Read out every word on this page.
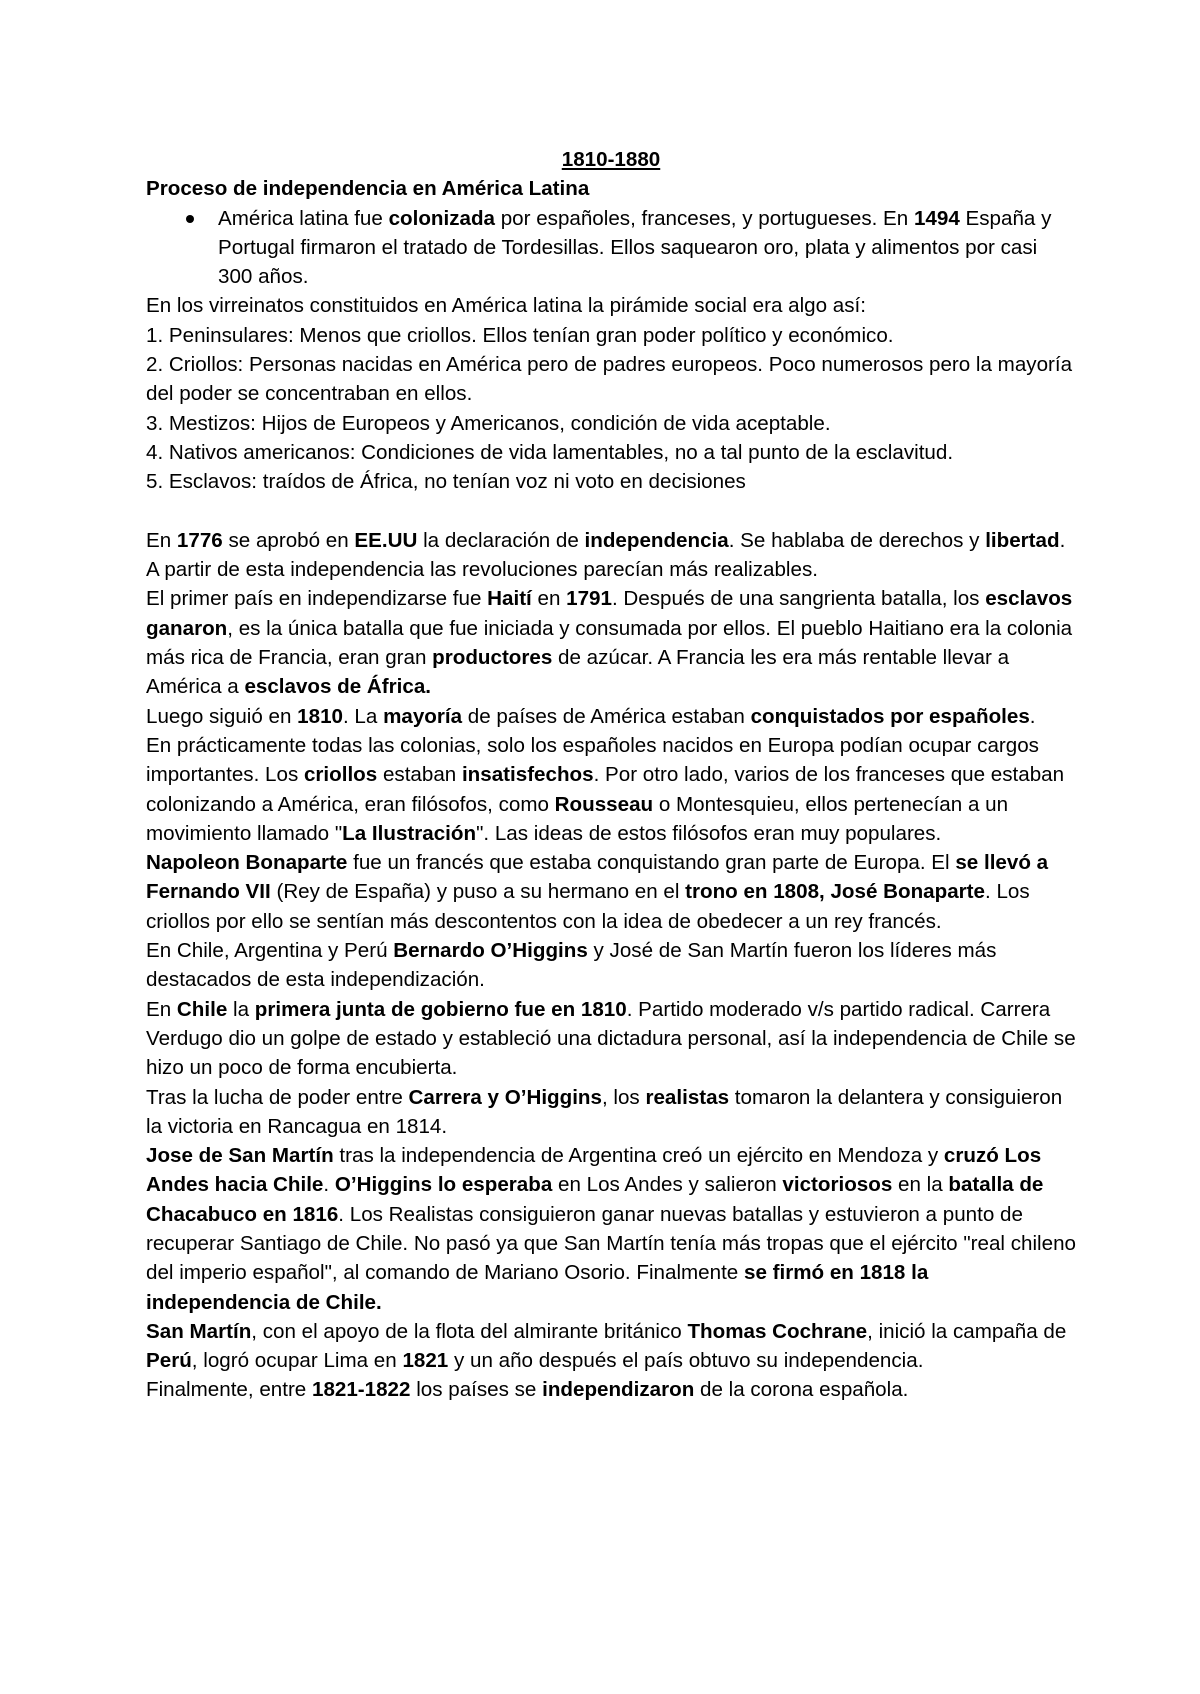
1810-1880

Proceso de independencia en América Latina

América latina fue colonizada por españoles, franceses, y portugueses. En 1494 España y Portugal firmaron el tratado de Tordesillas. Ellos saquearon oro, plata y alimentos por casi 300 años.

En los virreinatos constituidos en América latina la pirámide social era algo así:

1. Peninsulares: Menos que criollos. Ellos tenían gran poder político y económico.

2. Criollos: Personas nacidas en América pero de padres europeos. Poco numerosos pero la mayoría del poder se concentraban en ellos.

3. Mestizos: Hijos de Europeos y Americanos, condición de vida aceptable.

4. Nativos americanos: Condiciones de vida lamentables, no a tal punto de la esclavitud.

5. Esclavos: traídos de África, no tenían voz ni voto en decisiones

En 1776 se aprobó en EE.UU la declaración de independencia. Se hablaba de derechos y libertad. A partir de esta independencia las revoluciones parecían más realizables.

El primer país en independizarse fue Haití en 1791. Después de una sangrienta batalla, los esclavos ganaron, es la única batalla que fue iniciada y consumada por ellos. El pueblo Haitiano era la colonia más rica de Francia, eran gran productores de azúcar. A Francia les era más rentable llevar a América a esclavos de África.

Luego siguió en 1810. La mayoría de países de América estaban conquistados por españoles.

En prácticamente todas las colonias, solo los españoles nacidos en Europa podían ocupar cargos importantes. Los criollos estaban insatisfechos. Por otro lado, varios de los franceses que estaban colonizando a América, eran filósofos, como Rousseau o Montesquieu, ellos pertenecían a un movimiento llamado "La Ilustración". Las ideas de estos filósofos eran muy populares.

Napoleon Bonaparte fue un francés que estaba conquistando gran parte de Europa. El se llevó a Fernando VII (Rey de España) y puso a su hermano en el trono en 1808, José Bonaparte. Los criollos por ello se sentían más descontentos con la idea de obedecer a un rey francés.

En Chile, Argentina y Perú Bernardo O’Higgins y José de San Martín fueron los líderes más destacados de esta independización.

En Chile la primera junta de gobierno fue en 1810. Partido moderado v/s partido radical. Carrera Verdugo dio un golpe de estado y estableció una dictadura personal, así la independencia de Chile se hizo un poco de forma encubierta.

Tras la lucha de poder entre Carrera y O’Higgins, los realistas tomaron la delantera y consiguieron la victoria en Rancagua en 1814.

Jose de San Martín tras la independencia de Argentina creó un ejército en Mendoza y cruzó Los Andes hacia Chile. O’Higgins lo esperaba en Los Andes y salieron victoriosos en la batalla de Chacabuco en 1816. Los Realistas consiguieron ganar nuevas batallas y estuvieron a punto de recuperar Santiago de Chile. No pasó ya que San Martín tenía más tropas que el ejército "real chileno del imperio español", al comando de Mariano Osorio. Finalmente se firmó en 1818 la independencia de Chile.

San Martín, con el apoyo de la flota del almirante británico Thomas Cochrane, inició la campaña de Perú, logró ocupar Lima en 1821 y un año después el país obtuvo su independencia.

Finalmente, entre 1821-1822 los países se independizaron de la corona española.
